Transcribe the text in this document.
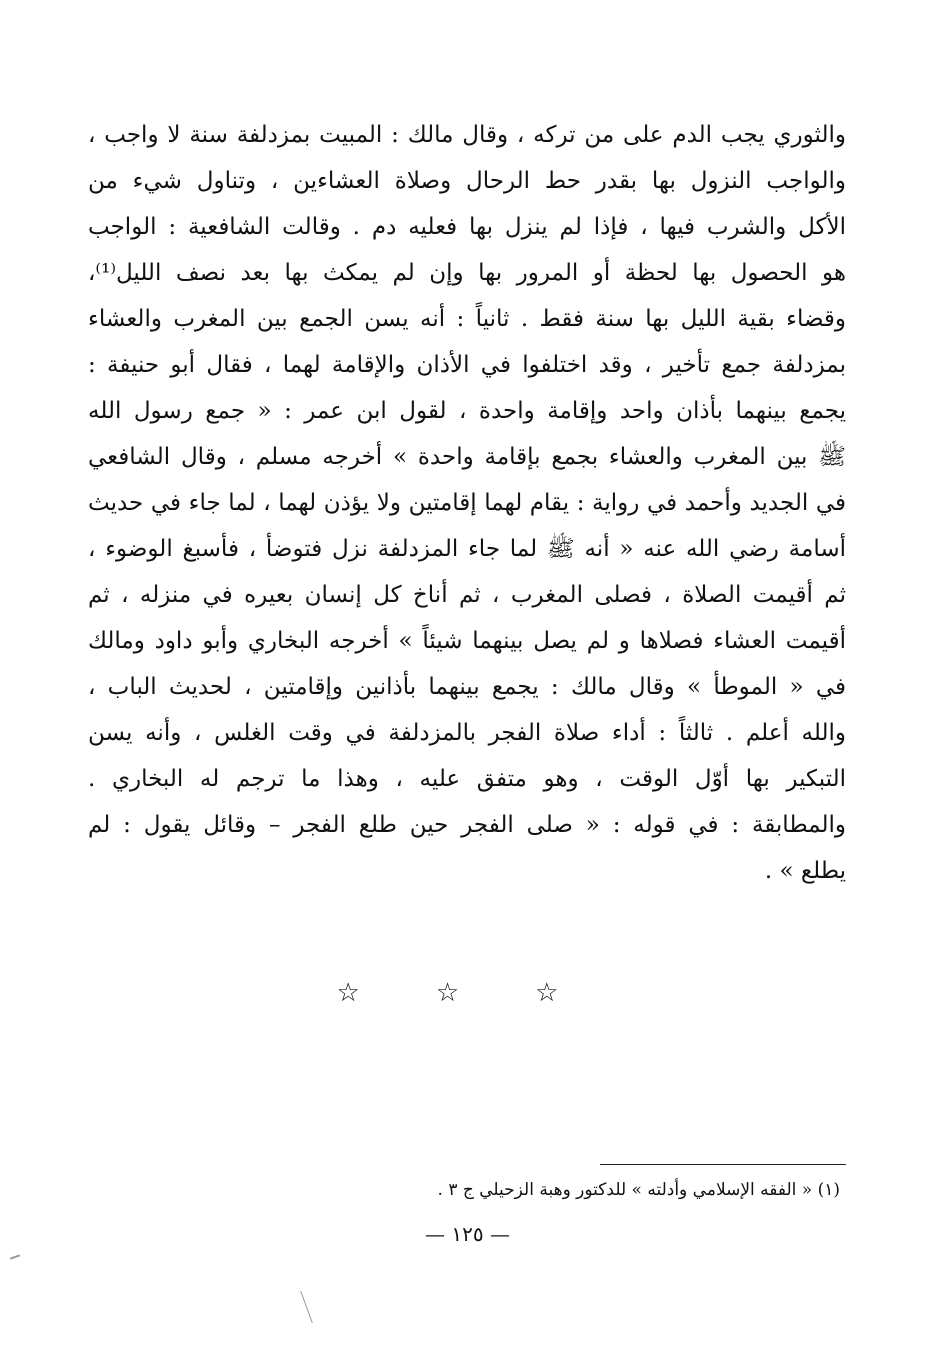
والثوري يجب الدم على من تركه ، وقال مالك : المبيت بمزدلفة سنة لا واجب ،
والواجب النزول بها بقدر حط الرحال وصلاة العشاءين ، وتناول شيء من
الأكل والشرب فيها ، فإذا لم ينزل بها فعليه دم . وقالت الشافعية : الواجب
هو الحصول بها لحظة أو المرور بها وإن لم يمكث بها بعد نصف الليل⁽¹⁾،
وقضاء بقية الليل بها سنة فقط . ثانياً : أنه يسن الجمع بين المغرب والعشاء
بمزدلفة جمع تأخير ، وقد اختلفوا في الأذان والإقامة لهما ، فقال أبو حنيفة :
يجمع بينهما بأذان واحد وإقامة واحدة ، لقول ابن عمر : « جمع رسول الله
ﷺ بين المغرب والعشاء بجمع بإقامة واحدة » أخرجه مسلم ، وقال الشافعي
في الجديد وأحمد في رواية : يقام لهما إقامتين ولا يؤذن لهما ، لما جاء في حديث
أسامة رضي الله عنه « أنه ﷺ لما جاء المزدلفة نزل فتوضأ ، فأسبغ الوضوء ،
ثم أقيمت الصلاة ، فصلى المغرب ، ثم أناخ كل إنسان بعيره في منزله ، ثم
أقيمت العشاء فصلاها و لم يصل بينهما شيئاً » أخرجه البخاري وأبو داود ومالك
في « الموطأ » وقال مالك : يجمع بينهما بأذانين وإقامتين ، لحديث الباب ،
والله أعلم . ثالثاً : أداء صلاة الفجر بالمزدلفة في وقت الغلس ، وأنه يسن
التبكير بها أوّل الوقت ، وهو متفق عليه ، وهذا ما ترجم له البخاري .
والمطابقة : في قوله : « صلى الفجر حين طلع الفجر – وقائل يقول : لم
يطلع » .
☆☆☆
(١) « الفقه الإسلامي وأدلته » للدكتور وهبة الزحيلي ج ٣ .
— ١٢٥ —
